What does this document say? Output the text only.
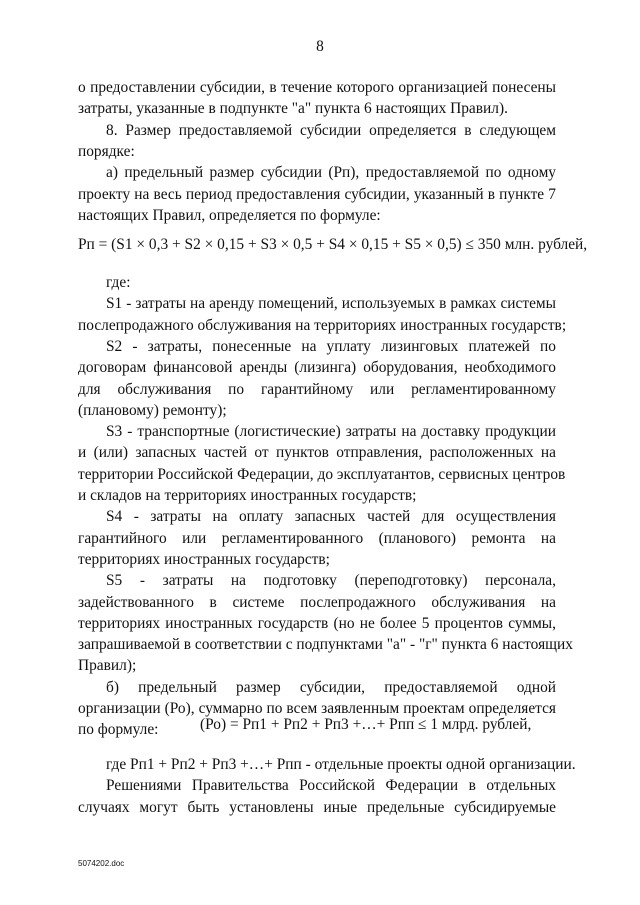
8
о предоставлении субсидии, в течение которого организацией понесены
затраты, указанные в подпункте "а" пункта 6 настоящих Правил).
8. Размер предоставляемой субсидии определяется в следующем
порядке:
а) предельный размер субсидии (Рп), предоставляемой по одному
проекту на весь период предоставления субсидии, указанный в пункте 7
настоящих Правил, определяется по формуле:
Рп = (S1 × 0,3 + S2 × 0,15 + S3 × 0,5 + S4 × 0,15 + S5 × 0,5) ≤ 350 млн. рублей,
где:
S1 - затраты на аренду помещений, используемых в рамках системы
послепродажного обслуживания на территориях иностранных государств;
S2 - затраты, понесенные на уплату лизинговых платежей по
договорам финансовой аренды (лизинга) оборудования, необходимого
для обслуживания по гарантийному или регламентированному
(плановому) ремонту);
S3 - транспортные (логистические) затраты на доставку продукции
и (или) запасных частей от пунктов отправления, расположенных на
территории Российской Федерации, до эксплуатантов, сервисных центров
и складов на территориях иностранных государств;
S4 - затраты на оплату запасных частей для осуществления
гарантийного или регламентированного (планового) ремонта на
территориях иностранных государств;
S5 - затраты на подготовку (переподготовку) персонала,
задействованного в системе послепродажного обслуживания на
территориях иностранных государств (но не более 5 процентов суммы,
запрашиваемой в соответствии с подпунктами "а" - "г" пункта 6 настоящих
Правил);
б) предельный размер субсидии, предоставляемой одной
организации (Ро), суммарно по всем заявленным проектам определяется
по формуле:	(Ро) = Рп1 + Рп2 + Рп3 +…+ Рпп ≤ 1 млрд. рублей,
где Рп1 + Рп2 + Рп3 +…+ Рпп - отдельные проекты одной организации.
Решениями Правительства Российской Федерации в отдельных
случаях могут быть установлены иные предельные субсидируемые
5074202.doc
